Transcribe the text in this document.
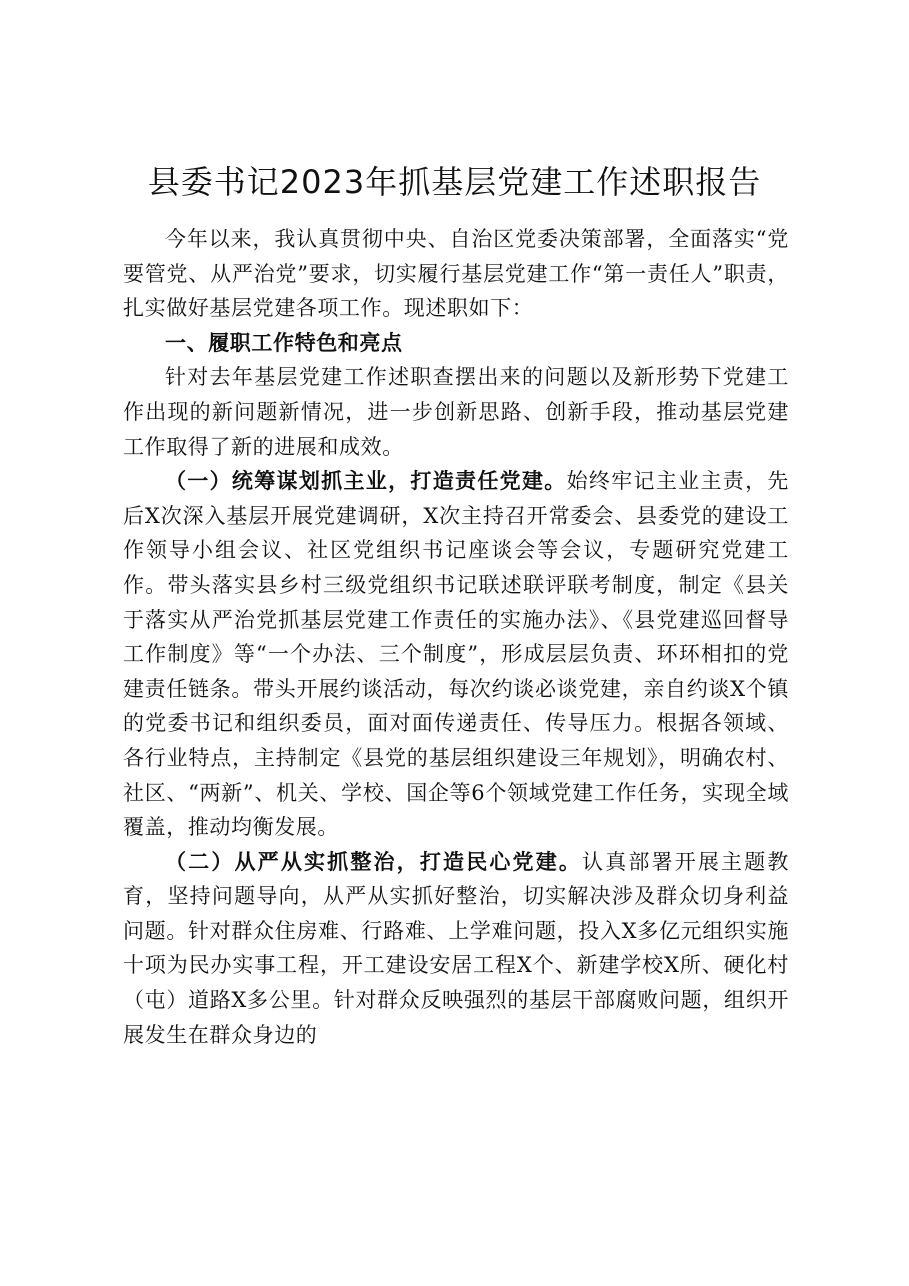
县委书记2023年抓基层党建工作述职报告

今年以来，我认真贯彻中央、自治区党委决策部署，全面落实“党要管党、从严治党”要求，切实履行基层党建工作“第一责任人”职责，扎实做好基层党建各项工作。现述职如下：

一、履职工作特色和亮点

针对去年基层党建工作述职查摆出来的问题以及新形势下党建工作出现的新问题新情况，进一步创新思路、创新手段，推动基层党建工作取得了新的进展和成效。

（一）统筹谋划抓主业，打造责任党建。始终牢记主业主责，先后X次深入基层开展党建调研，X次主持召开常委会、县委党的建设工作领导小组会议、社区党组织书记座谈会等会议，专题研究党建工作。带头落实县乡村三级党组织书记联述联评联考制度，制定《县关于落实从严治党抓基层党建工作责任的实施办法》、《县党建巡回督导工作制度》等“一个办法、三个制度”，形成层层负责、环环相扣的党建责任链条。带头开展约谈活动，每次约谈必谈党建，亲自约谈X个镇的党委书记和组织委员，面对面传递责任、传导压力。根据各领域、各行业特点，主持制定《县党的基层组织建设三年规划》，明确农村、社区、“两新”、机关、学校、国企等6个领域党建工作任务，实现全域覆盖，推动均衡发展。

（二）从严从实抓整治，打造民心党建。认真部署开展主题教育，坚持问题导向，从严从实抓好整治，切实解决涉及群众切身利益问题。针对群众住房难、行路难、上学难问题，投入X多亿元组织实施十项为民办实事工程，开工建设安居工程X个、新建学校X所、硬化村（屯）道路X多公里。针对群众反映强烈的基层干部腐败问题，组织开展发生在群众身边的
